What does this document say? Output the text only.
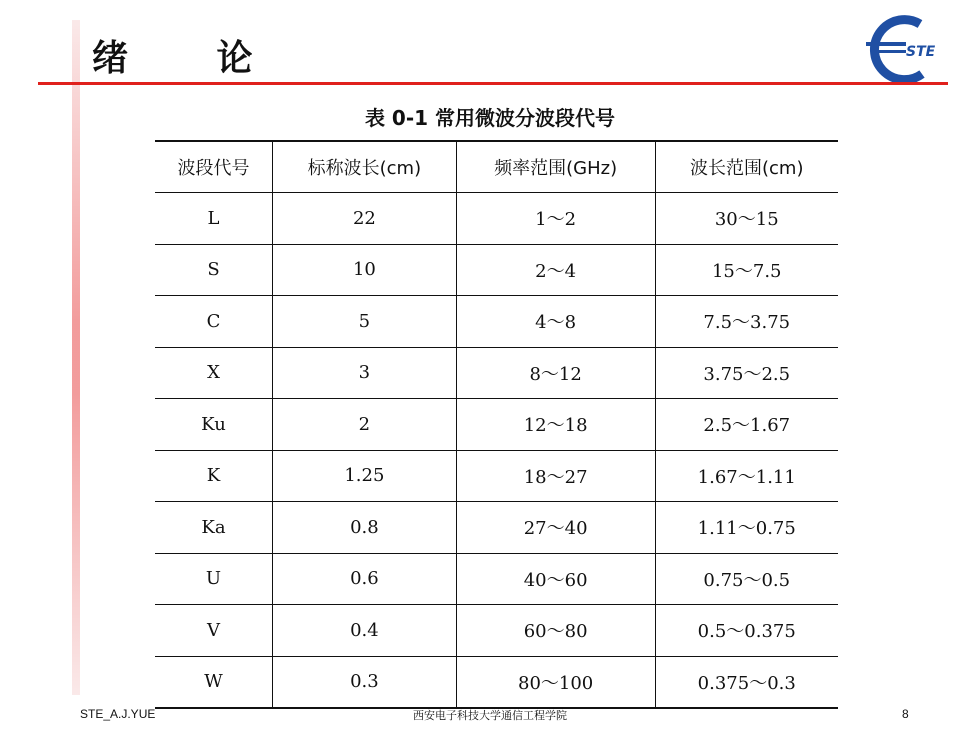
绪 论	STE
表 0-1 常用微波分波段代号
波段代号	标称波长(cm)	频率范围(GHz)	波长范围(cm)
L	22	1～2	30～15
S	10	2～4	15～7.5
C	5	4～8	7.5～3.75
X	3	8～12	3.75～2.5
Ku	2	12～18	2.5～1.67
K	1.25	18～27	1.67～1.11
Ka	0.8	27～40	1.11～0.75
U	0.6	40～60	0.75～0.5
V	0.4	60～80	0.5～0.375
W	0.3	80～100	0.375～0.3
STE_A.J.YUE	西安电子科技大学通信工程学院	8
